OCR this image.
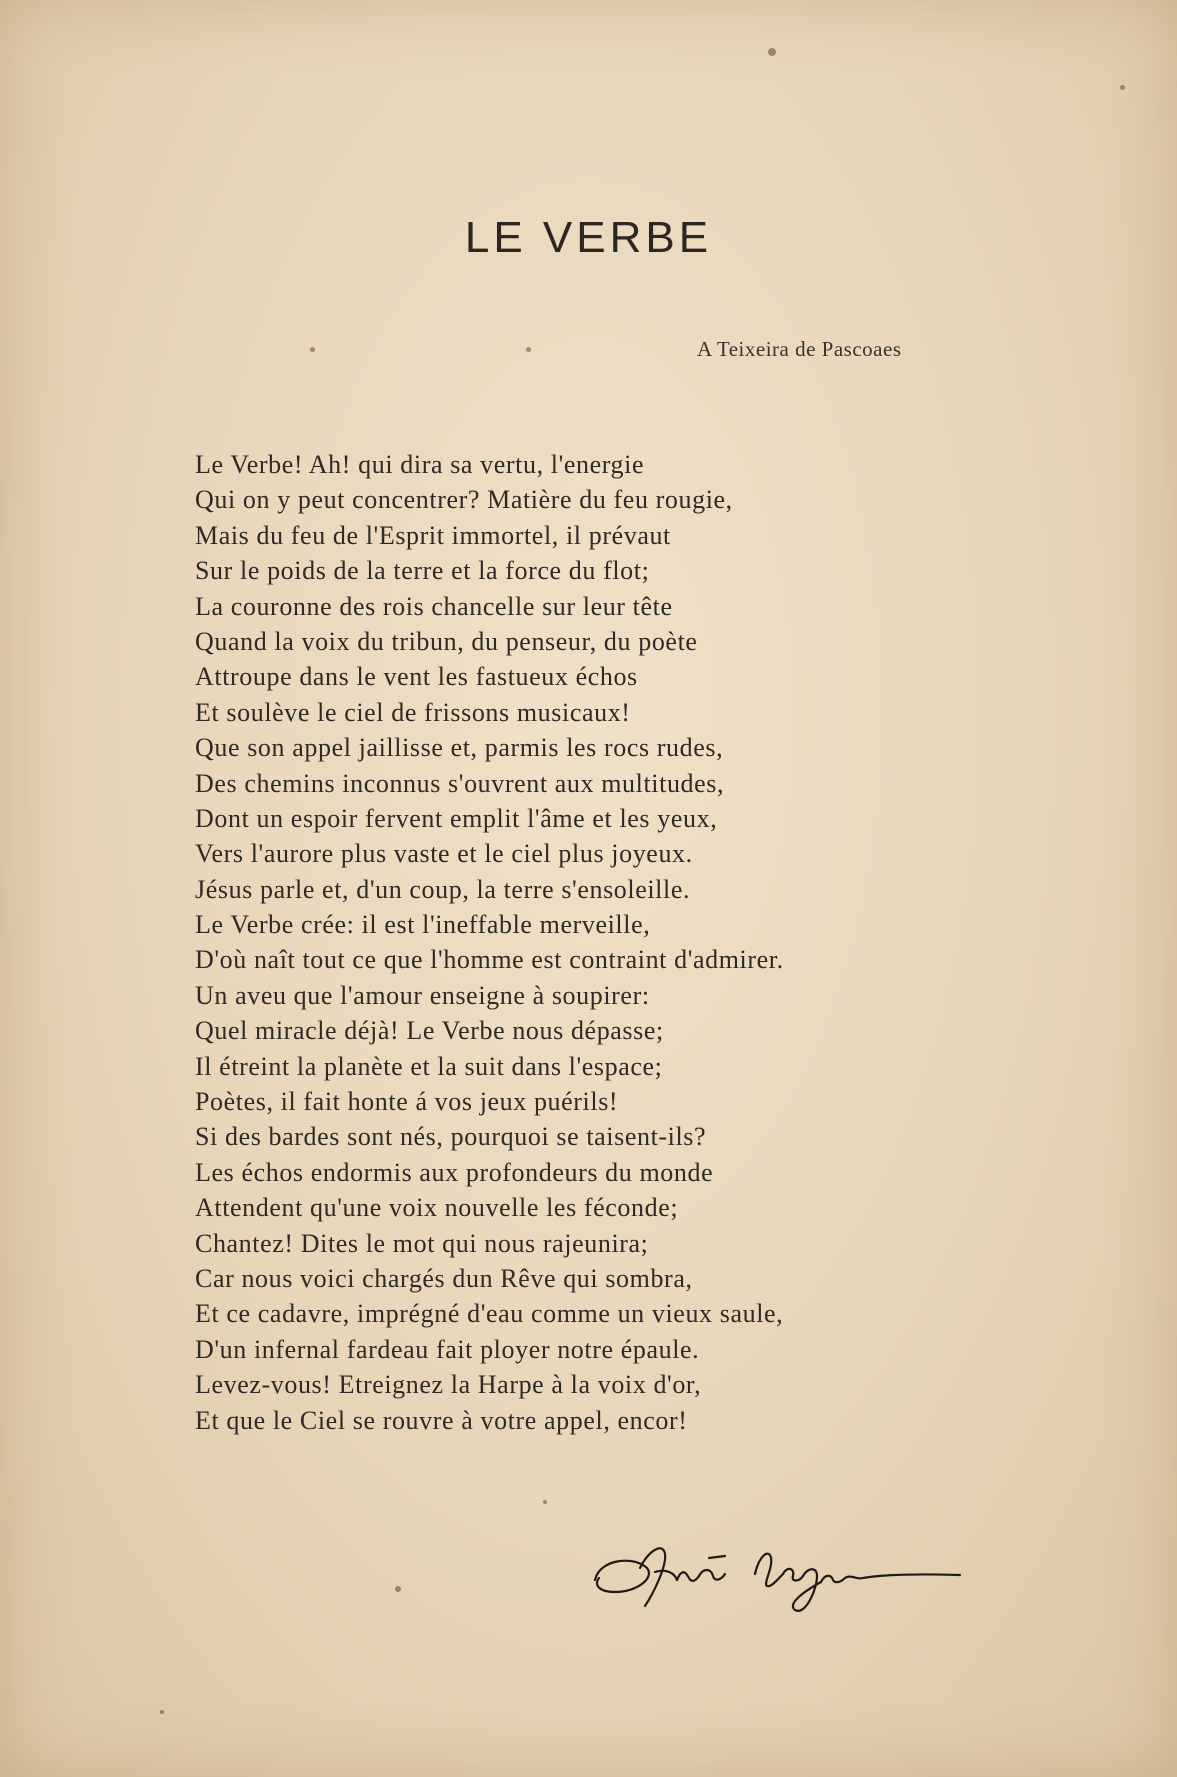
LE VERBE
A Teixeira de Pascoaes
Le Verbe! Ah! qui dira sa vertu, l'energie
Qui on y peut concentrer? Matière du feu rougie,
Mais du feu de l'Esprit immortel, il prévaut
Sur le poids de la terre et la force du flot;
La couronne des rois chancelle sur leur tête
Quand la voix du tribun, du penseur, du poète
Attroupe dans le vent les fastueux échos
Et soulève le ciel de frissons musicaux!
Que son appel jaillisse et, parmis les rocs rudes,
Des chemins inconnus s'ouvrent aux multitudes,
Dont un espoir fervent emplit l'âme et les yeux,
Vers l'aurore plus vaste et le ciel plus joyeux.
Jésus parle et, d'un coup, la terre s'ensoleille.
Le Verbe crée: il est l'ineffable merveille,
D'où naît tout ce que l'homme est contraint d'admirer.
Un aveu que l'amour enseigne à soupirer:
Quel miracle déjà! Le Verbe nous dépasse;
Il étreint la planète et la suit dans l'espace;
Poètes, il fait honte á vos jeux puérils!
Si des bardes sont nés, pourquoi se taisent-ils?
Les échos endormis aux profondeurs du monde
Attendent qu'une voix nouvelle les féconde;
Chantez! Dites le mot qui nous rajeunira;
Car nous voici chargés dun Rêve qui sombra,
Et ce cadavre, imprégné d'eau comme un vieux saule,
D'un infernal fardeau fait ployer notre épaule.
Levez-vous! Etreignez la Harpe à la voix d'or,
Et que le Ciel se rouvre à votre appel, encor!
